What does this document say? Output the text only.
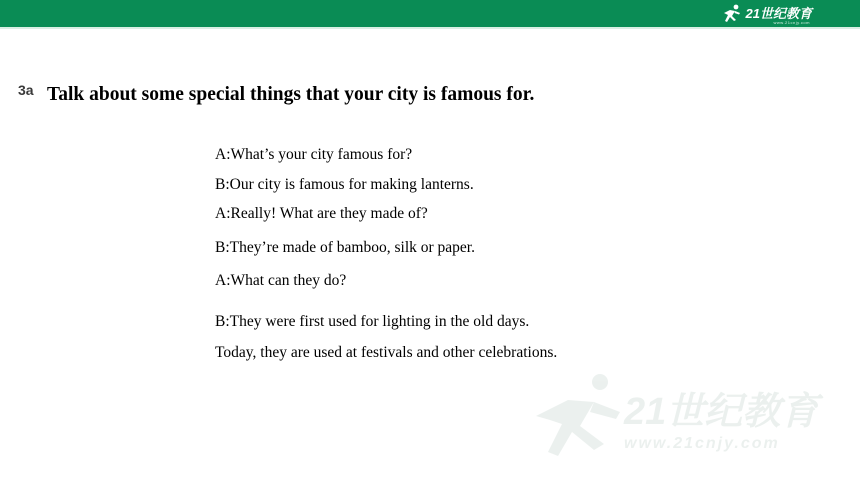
21世纪教育
www.21cnjy.com
3a Talk about some special things that your city is famous for.
A:What’s your city famous for?
B:Our city is famous for making lanterns.
A:Really! What are they made of?
B:They’re made of bamboo, silk or paper.
A:What can they do?
B:They were first used for lighting in the old days.
Today, they are used at festivals and other celebrations.
21世纪教育
www.21cnjy.com
